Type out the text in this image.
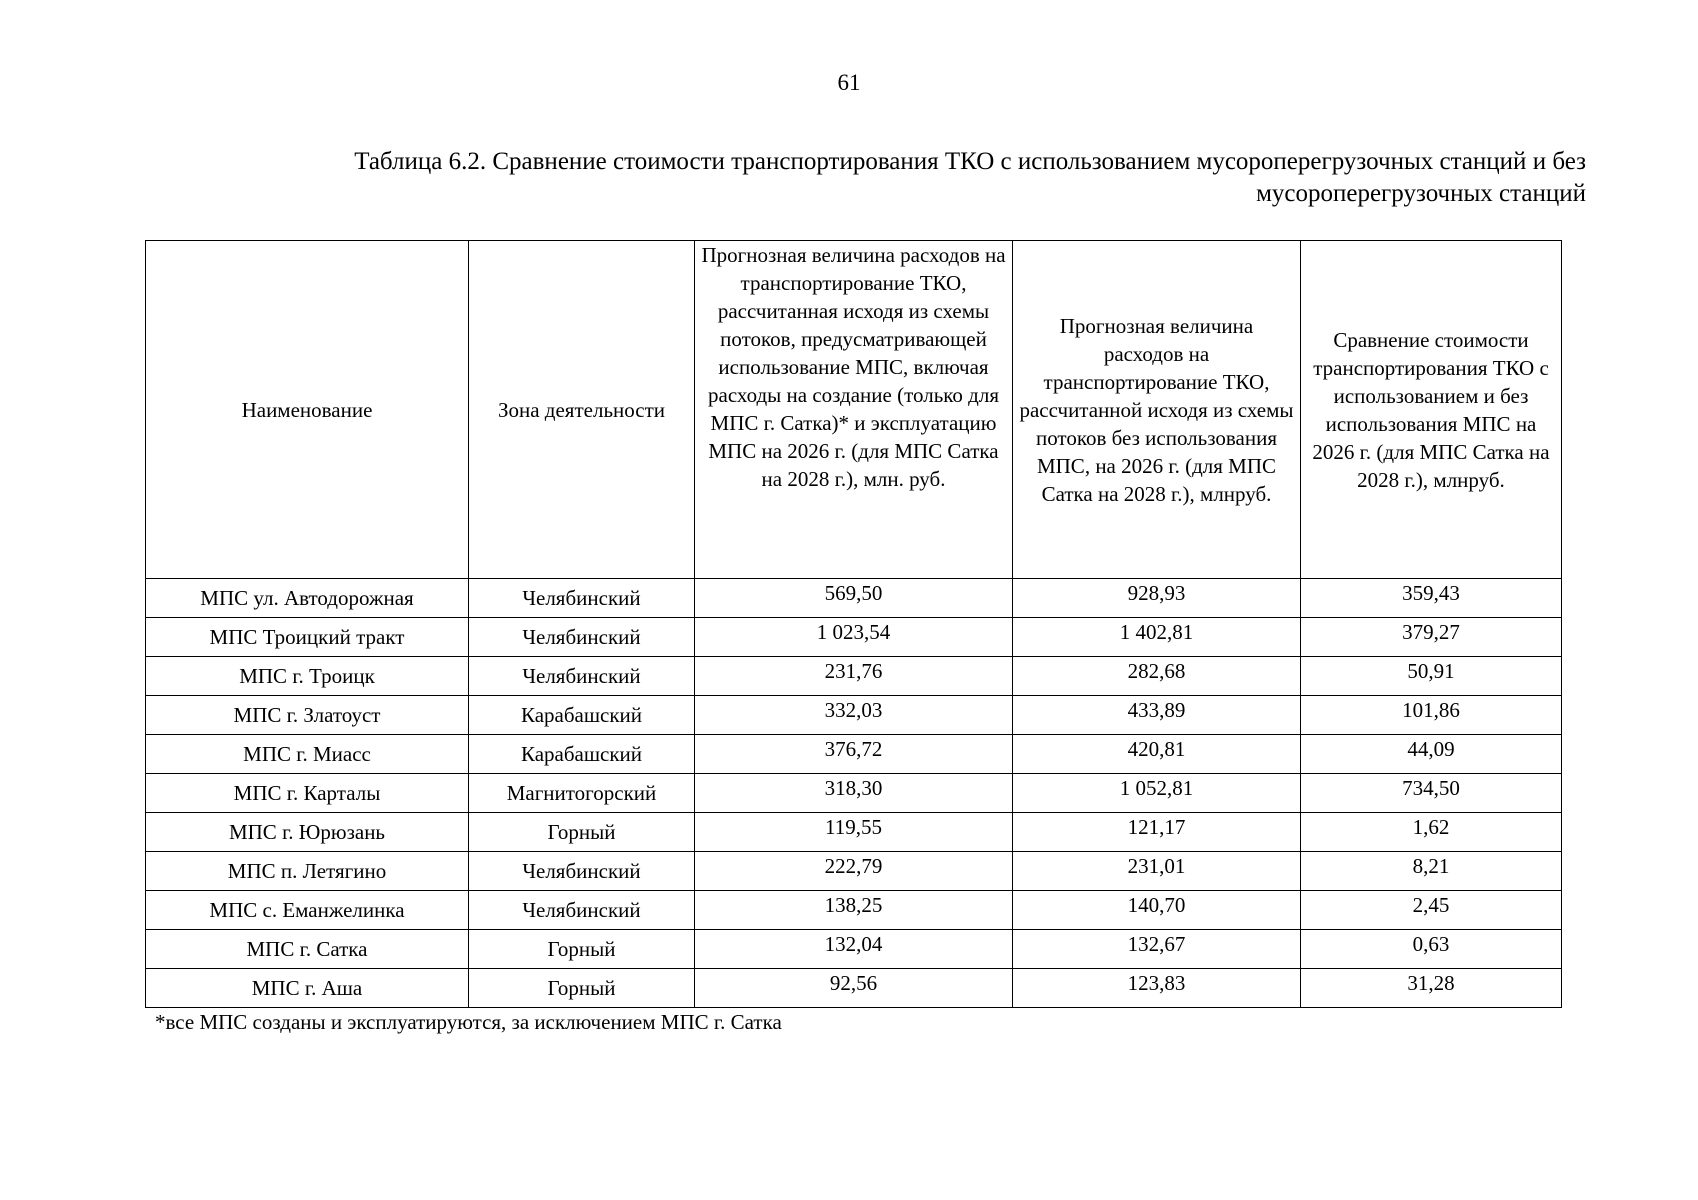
61
Таблица 6.2. Сравнение стоимости транспортирования ТКО с использованием мусороперегрузочных станций и без
мусороперегрузочных станций
Наименование	Зона деятельности	Прогнозная величина расходов на транспортирование ТКО, рассчитанная исходя из схемы потоков, предусматривающей использование МПС, включая расходы на создание (только для МПС г. Сатка)* и эксплуатацию МПС на 2026 г. (для МПС Сатка на 2028 г.), млн. руб.	Прогнозная величина расходов на транспортирование ТКО, рассчитанной исходя из схемы потоков без использования МПС, на 2026 г. (для МПС Сатка на 2028 г.), млнруб.	Сравнение стоимости транспортирования ТКО с использованием и без использования МПС на 2026 г. (для МПС Сатка на 2028 г.), млнруб.
МПС ул. Автодорожная	Челябинский	569,50	928,93	359,43
МПС Троицкий тракт	Челябинский	1 023,54	1 402,81	379,27
МПС г. Троицк	Челябинский	231,76	282,68	50,91
МПС г. Златоуст	Карабашский	332,03	433,89	101,86
МПС г. Миасс	Карабашский	376,72	420,81	44,09
МПС г. Карталы	Магнитогорский	318,30	1 052,81	734,50
МПС г. Юрюзань	Горный	119,55	121,17	1,62
МПС п. Летягино	Челябинский	222,79	231,01	8,21
МПС с. Еманжелинка	Челябинский	138,25	140,70	2,45
МПС г. Сатка	Горный	132,04	132,67	0,63
МПС г. Аша	Горный	92,56	123,83	31,28
*все МПС созданы и эксплуатируются, за исключением МПС г. Сатка
